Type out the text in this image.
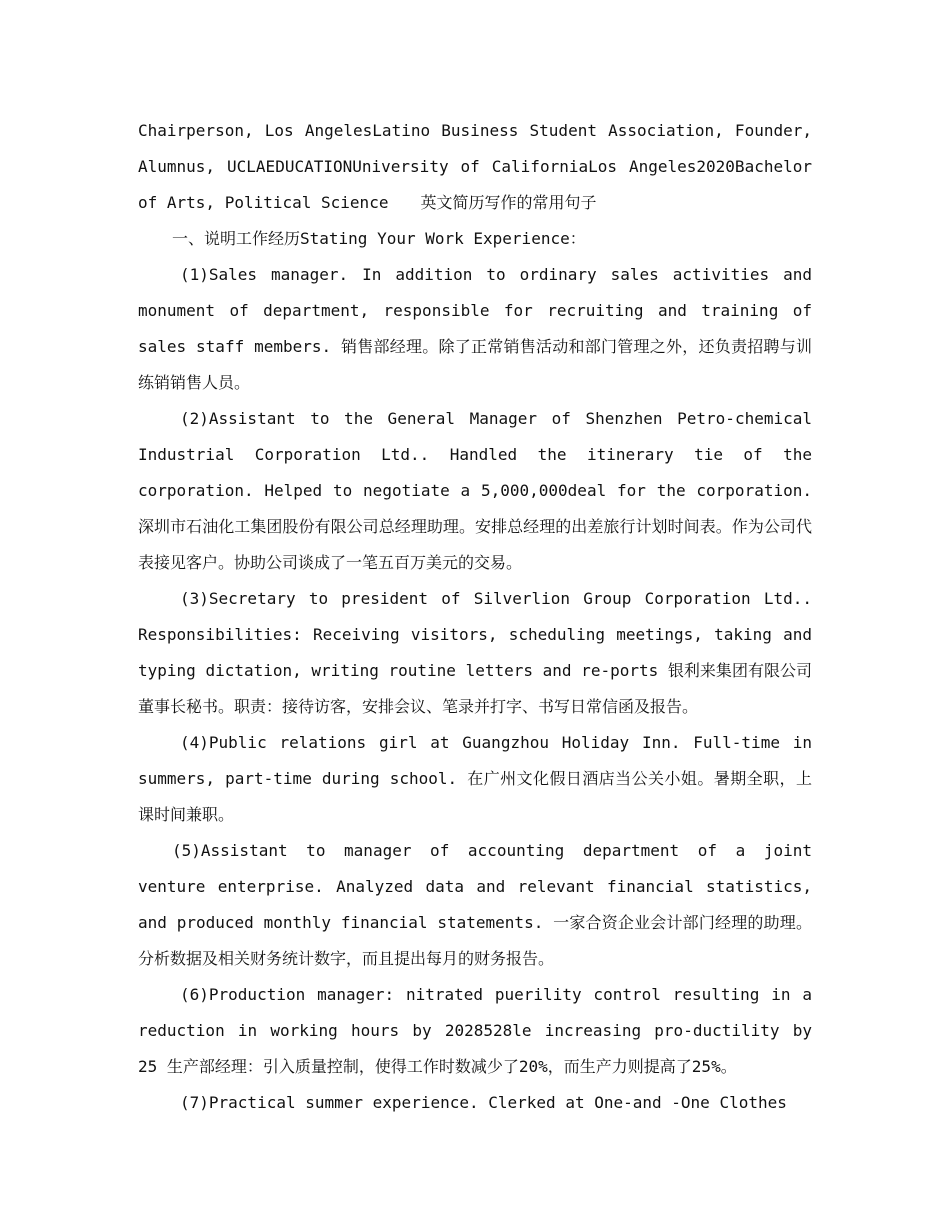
Chairperson, Los AngelesLatino Business Student Association, Founder, Alumnus, UCLAEDUCATIONUniversity of CaliforniaLos Angeles2020Bachelor of Arts, Political Science　　英文简历写作的常用句子

一、说明工作经历Stating Your Work Experience：

(1)Sales manager. In addition to ordinary sales activities and monument of department, responsible for recruiting and training of sales staff members. 销售部经理。除了正常销售活动和部门管理之外，还负责招聘与训练销销售人员。

(2)Assistant to the General Manager of Shenzhen Petro-chemical Industrial Corporation Ltd.. Handled the itinerary tie of the corporation. Helped to negotiate a 5,000,000deal for the corporation. 深圳市石油化工集团股份有限公司总经理助理。安排总经理的出差旅行计划时间表。作为公司代表接见客户。协助公司谈成了一笔五百万美元的交易。

(3)Secretary to president of Silverlion Group Corporation Ltd.. Responsibilities: Receiving visitors, scheduling meetings, taking and typing dictation, writing routine letters and re-ports 银利来集团有限公司董事长秘书。职责：接待访客，安排会议、笔录并打字、书写日常信函及报告。

(4)Public relations girl at Guangzhou Holiday Inn. Full-time in summers, part-time during school. 在广州文化假日酒店当公关小姐。暑期全职，上课时间兼职。

(5)Assistant to manager of accounting department of a joint venture enterprise. Analyzed data and relevant financial statistics, and produced monthly financial statements. 一家合资企业会计部门经理的助理。分析数据及相关财务统计数字，而且提出每月的财务报告。

(6)Production manager: nitrated puerility control resulting in a reduction in working hours by 2028528le increasing pro-ductility by 25 生产部经理：引入质量控制，使得工作时数减少了20%，而生产力则提高了25%。

(7)Practical summer experience. Clerked at One-and -One Clothes
